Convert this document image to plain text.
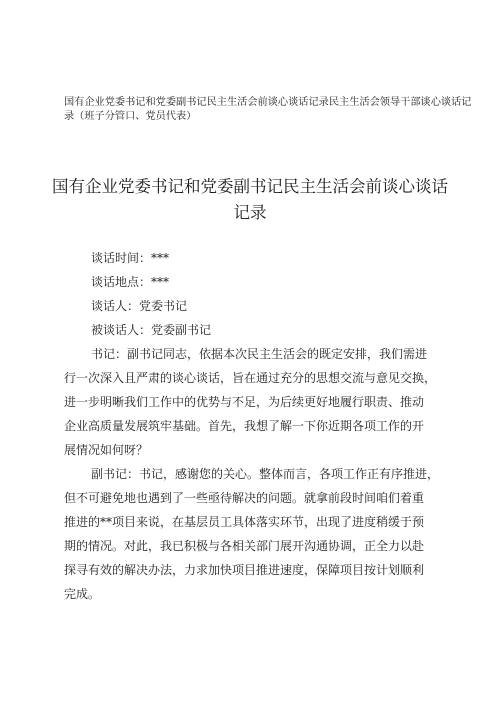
国有企业党委书记和党委副书记民主生活会前谈心谈话记录民主生活会领导干部谈心谈话记
录（班子分管口、党员代表）
国有企业党委书记和党委副书记民主生活会前谈心谈话
记录
谈话时间：***
谈话地点：***
谈话人：党委书记
被谈话人：党委副书记
书记：副书记同志，依据本次民主生活会的既定安排，我们需进
行一次深入且严肃的谈心谈话，旨在通过充分的思想交流与意见交换，
进一步明晰我们工作中的优势与不足，为后续更好地履行职责、推动
企业高质量发展筑牢基础。首先，我想了解一下你近期各项工作的开
展情况如何呀？
副书记：书记，感谢您的关心。整体而言，各项工作正有序推进，
但不可避免地也遇到了一些亟待解决的问题。就拿前段时间咱们着重
推进的**项目来说，在基层员工具体落实环节，出现了进度稍缓于预
期的情况。对此，我已积极与各相关部门展开沟通协调，正全力以赴
探寻有效的解决办法，力求加快项目推进速度，保障项目按计划顺利
完成。
